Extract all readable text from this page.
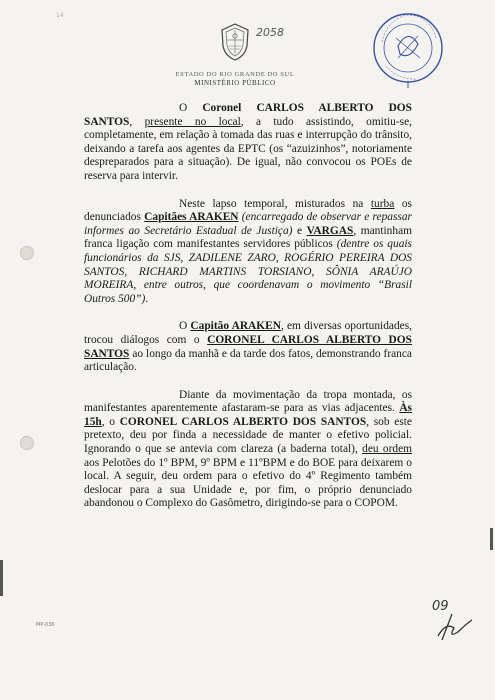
14
ESTADO DO RIO GRANDE DO SUL
MINISTÉRIO PÚBLICO
2058
O Coronel CARLOS ALBERTO DOS SANTOS, presente no local, a tudo assistindo, omitiu-se, completamente, em relação à tomada das ruas e interrupção do trânsito, deixando a tarefa aos agentes da EPTC (os “azuizinhos”, notoriamente despreparados para a situação). De igual, não convocou os POEs de reserva para intervir.
Neste lapso temporal, misturados na turba os denunciados Capitães ARAKEN (encarregado de observar e repassar informes ao Secretário Estadual de Justiça) e VARGAS, mantinham franca ligação com manifestantes servidores públicos (dentre os quais funcionários da SJS, ZADILENE ZARO, ROGÉRIO PEREIRA DOS SANTOS, RICHARD MARTINS TORSIANO, SÔNIA ARAÚJO MOREIRA, entre outros, que coordenavam o movimento “Brasil Outros 500”).
O Capitão ARAKEN, em diversas oportunidades, trocou diálogos com o CORONEL CARLOS ALBERTO DOS SANTOS ao longo da manhã e da tarde dos fatos, demonstrando franca articulação.
Diante da movimentação da tropa montada, os manifestantes aparentemente afastaram-se para as vias adjacentes. Às 15h, o CORONEL CARLOS ALBERTO DOS SANTOS, sob este pretexto, deu por finda a necessidade de manter o efetivo policial. Ignorando o que se antevia com clareza (a baderna total), deu ordem aos Pelotões do 1º BPM, 9º BPM e 11ºBPM e do BOE para deixarem o local. A seguir, deu ordem para o efetivo do 4º Regimento também deslocar para a sua Unidade e, por fim, o próprio denunciado abandonou o Complexo do Gasômetro, dirigindo-se para o COPOM.
MP-036
09
